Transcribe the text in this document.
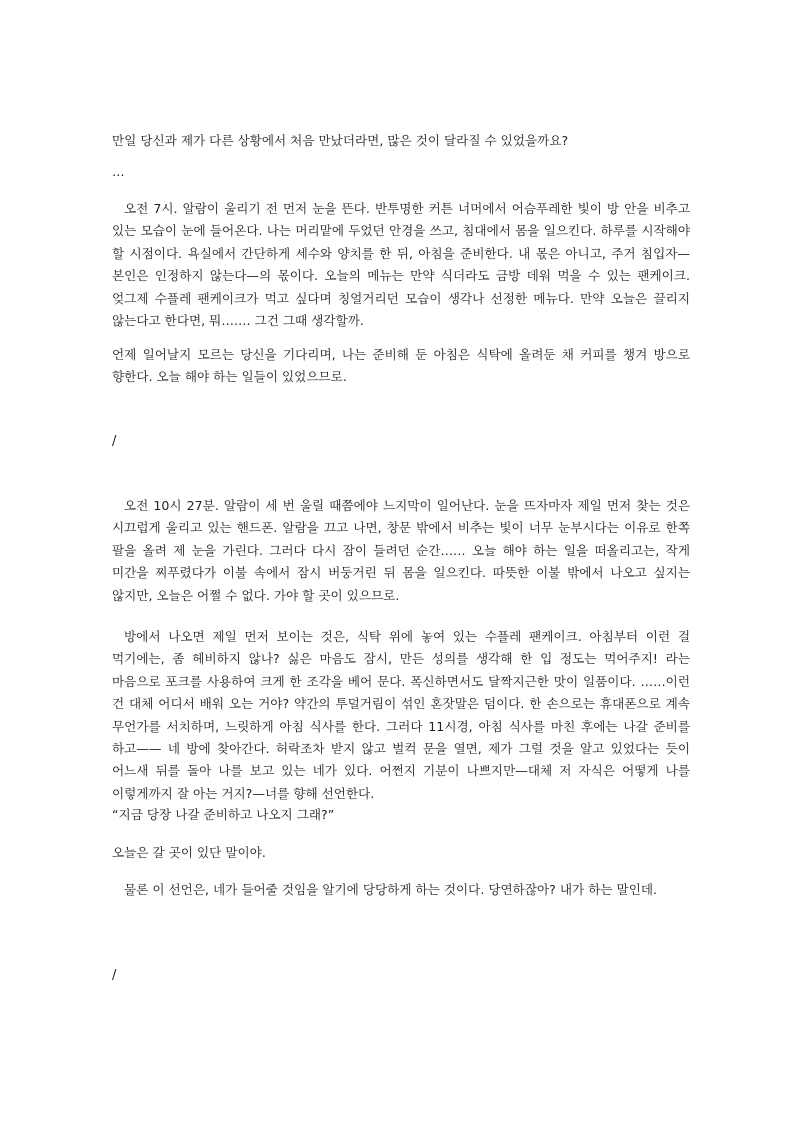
만일 당신과 제가 다른 상황에서 처음 만났더라면, 많은 것이 달라질 수 있었을까요?

…

오전 7시. 알람이 울리기 전 먼저 눈을 뜬다. 반투명한 커튼 너머에서 어슴푸레한 빛이 방 안을 비추고 있는 모습이 눈에 들어온다. 나는 머리맡에 두었던 안경을 쓰고, 침대에서 몸을 일으킨다. 하루를 시작해야 할 시점이다. 욕실에서 간단하게 세수와 양치를 한 뒤, 아침을 준비한다. 내 몫은 아니고, 주거 침입자—본인은 인정하지 않는다—의 몫이다. 오늘의 메뉴는 만약 식더라도 금방 데워 먹을 수 있는 팬케이크. 엊그제 수플레 팬케이크가 먹고 싶다며 칭얼거리던 모습이 생각나 선정한 메뉴다. 만약 오늘은 끌리지 않는다고 한다면, 뭐……. 그건 그때 생각할까.

언제 일어날지 모르는 당신을 기다리며, 나는 준비해 둔 아침은 식탁에 올려둔 채 커피를 챙겨 방으로 향한다. 오늘 해야 하는 일들이 있었으므로.

/

오전 10시 27분. 알람이 세 번 울릴 때쯤에야 느지막이 일어난다. 눈을 뜨자마자 제일 먼저 찾는 것은 시끄럽게 울리고 있는 핸드폰. 알람을 끄고 나면, 창문 밖에서 비추는 빛이 너무 눈부시다는 이유로 한쪽 팔을 올려 제 눈을 가린다. 그러다 다시 잠이 들려던 순간…… 오늘 해야 하는 일을 떠올리고는, 작게 미간을 찌푸렸다가 이불 속에서 잠시 버둥거린 뒤 몸을 일으킨다. 따뜻한 이불 밖에서 나오고 싶지는 않지만, 오늘은 어쩔 수 없다. 가야 할 곳이 있으므로.

방에서 나오면 제일 먼저 보이는 것은, 식탁 위에 놓여 있는 수플레 팬케이크. 아침부터 이런 걸 먹기에는, 좀 헤비하지 않나? 싫은 마음도 잠시, 만든 성의를 생각해 한 입 정도는 먹어주지! 라는 마음으로 포크를 사용하여 크게 한 조각을 베어 문다. 폭신하면서도 달짝지근한 맛이 일품이다. ……이런 건 대체 어디서 배워 오는 거야? 약간의 투덜거림이 섞인 혼잣말은 덤이다. 한 손으로는 휴대폰으로 계속 무언가를 서치하며, 느릿하게 아침 식사를 한다. 그러다 11시경, 아침 식사를 마친 후에는 나갈 준비를 하고—— 네 방에 찾아간다. 허락조차 받지 않고 벌컥 문을 열면, 제가 그럴 것을 알고 있었다는 듯이 어느새 뒤를 돌아 나를 보고 있는 네가 있다. 어쩐지 기분이 나쁘지만—대체 저 자식은 어떻게 나를 이렇게까지 잘 아는 거지?—너를 향해 선언한다.

“지금 당장 나갈 준비하고 나오지 그래?”

오늘은 갈 곳이 있단 말이야.

물론 이 선언은, 네가 들어줄 것임을 알기에 당당하게 하는 것이다. 당연하잖아? 내가 하는 말인데.

/
